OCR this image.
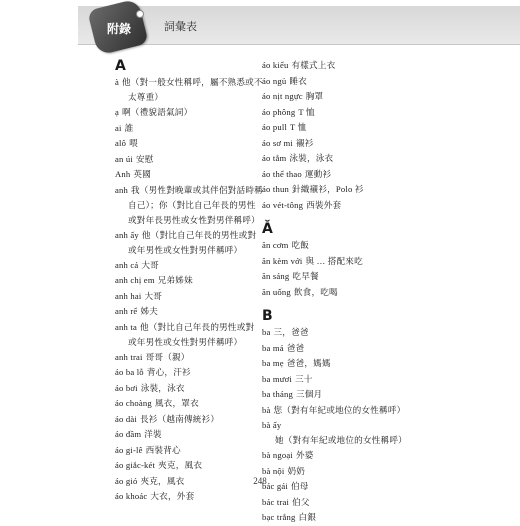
附錄	詞彙表
A
à 他（對一般女性稱呼，屬不熟悉或不太尊重）
ạ 啊（禮貌語氣詞）
ai 誰
alô 喂
an úi 安慰
Anh 英國
anh 我（男性對晚輩或其伴侶對話時稱自己）；你（對比自己年長的男性或對年長男性或女性對男伴稱呼）
anh ấy 他（對比自己年長的男性或對或年男性或女性對男伴稱呼）
anh cả 大哥
anh chị em 兄弟姊妹
anh hai 大哥
anh rể 姊夫
anh ta 他（對比自己年長的男性或對或年男性或女性對男伴稱呼）
anh trai 哥哥（親）
áo ba lỗ 背心，汗衫
áo bơi 泳裝，泳衣
áo choàng 風衣，罩衣
áo dài 長衫（越南傳統衫）
áo đầm 洋裝
áo gi-lê 西裝背心
áo giắc-két 夾克，風衣
áo gió 夾克，風衣
áo khoác 大衣，外套
áo kiểu 有樣式上衣
áo ngủ 睡衣
áo nịt ngực 胸罩
áo phông T 恤
áo pull T 恤
áo sơ mi 襯衫
áo tắm 泳裝，泳衣
áo thể thao 運動衫
áo thun 針織襯衫，Polo 衫
áo vét-tông 西裝外套
Ă
ăn cơm 吃飯
ăn kèm với 與 … 搭配來吃
ăn sáng 吃早餐
ăn uống 飲食，吃喝
B
ba 三，爸爸
ba má 爸爸
ba mẹ 爸爸，媽媽
ba mươi 三十
ba tháng 三個月
bà 您（對有年紀或地位的女性稱呼）
bà ấy她（對有年紀或地位的女性稱呼）
bà ngoại 外婆
bà nội 奶奶
bác gái 伯母
bác trai 伯父
bạc trắng 白銀
248
